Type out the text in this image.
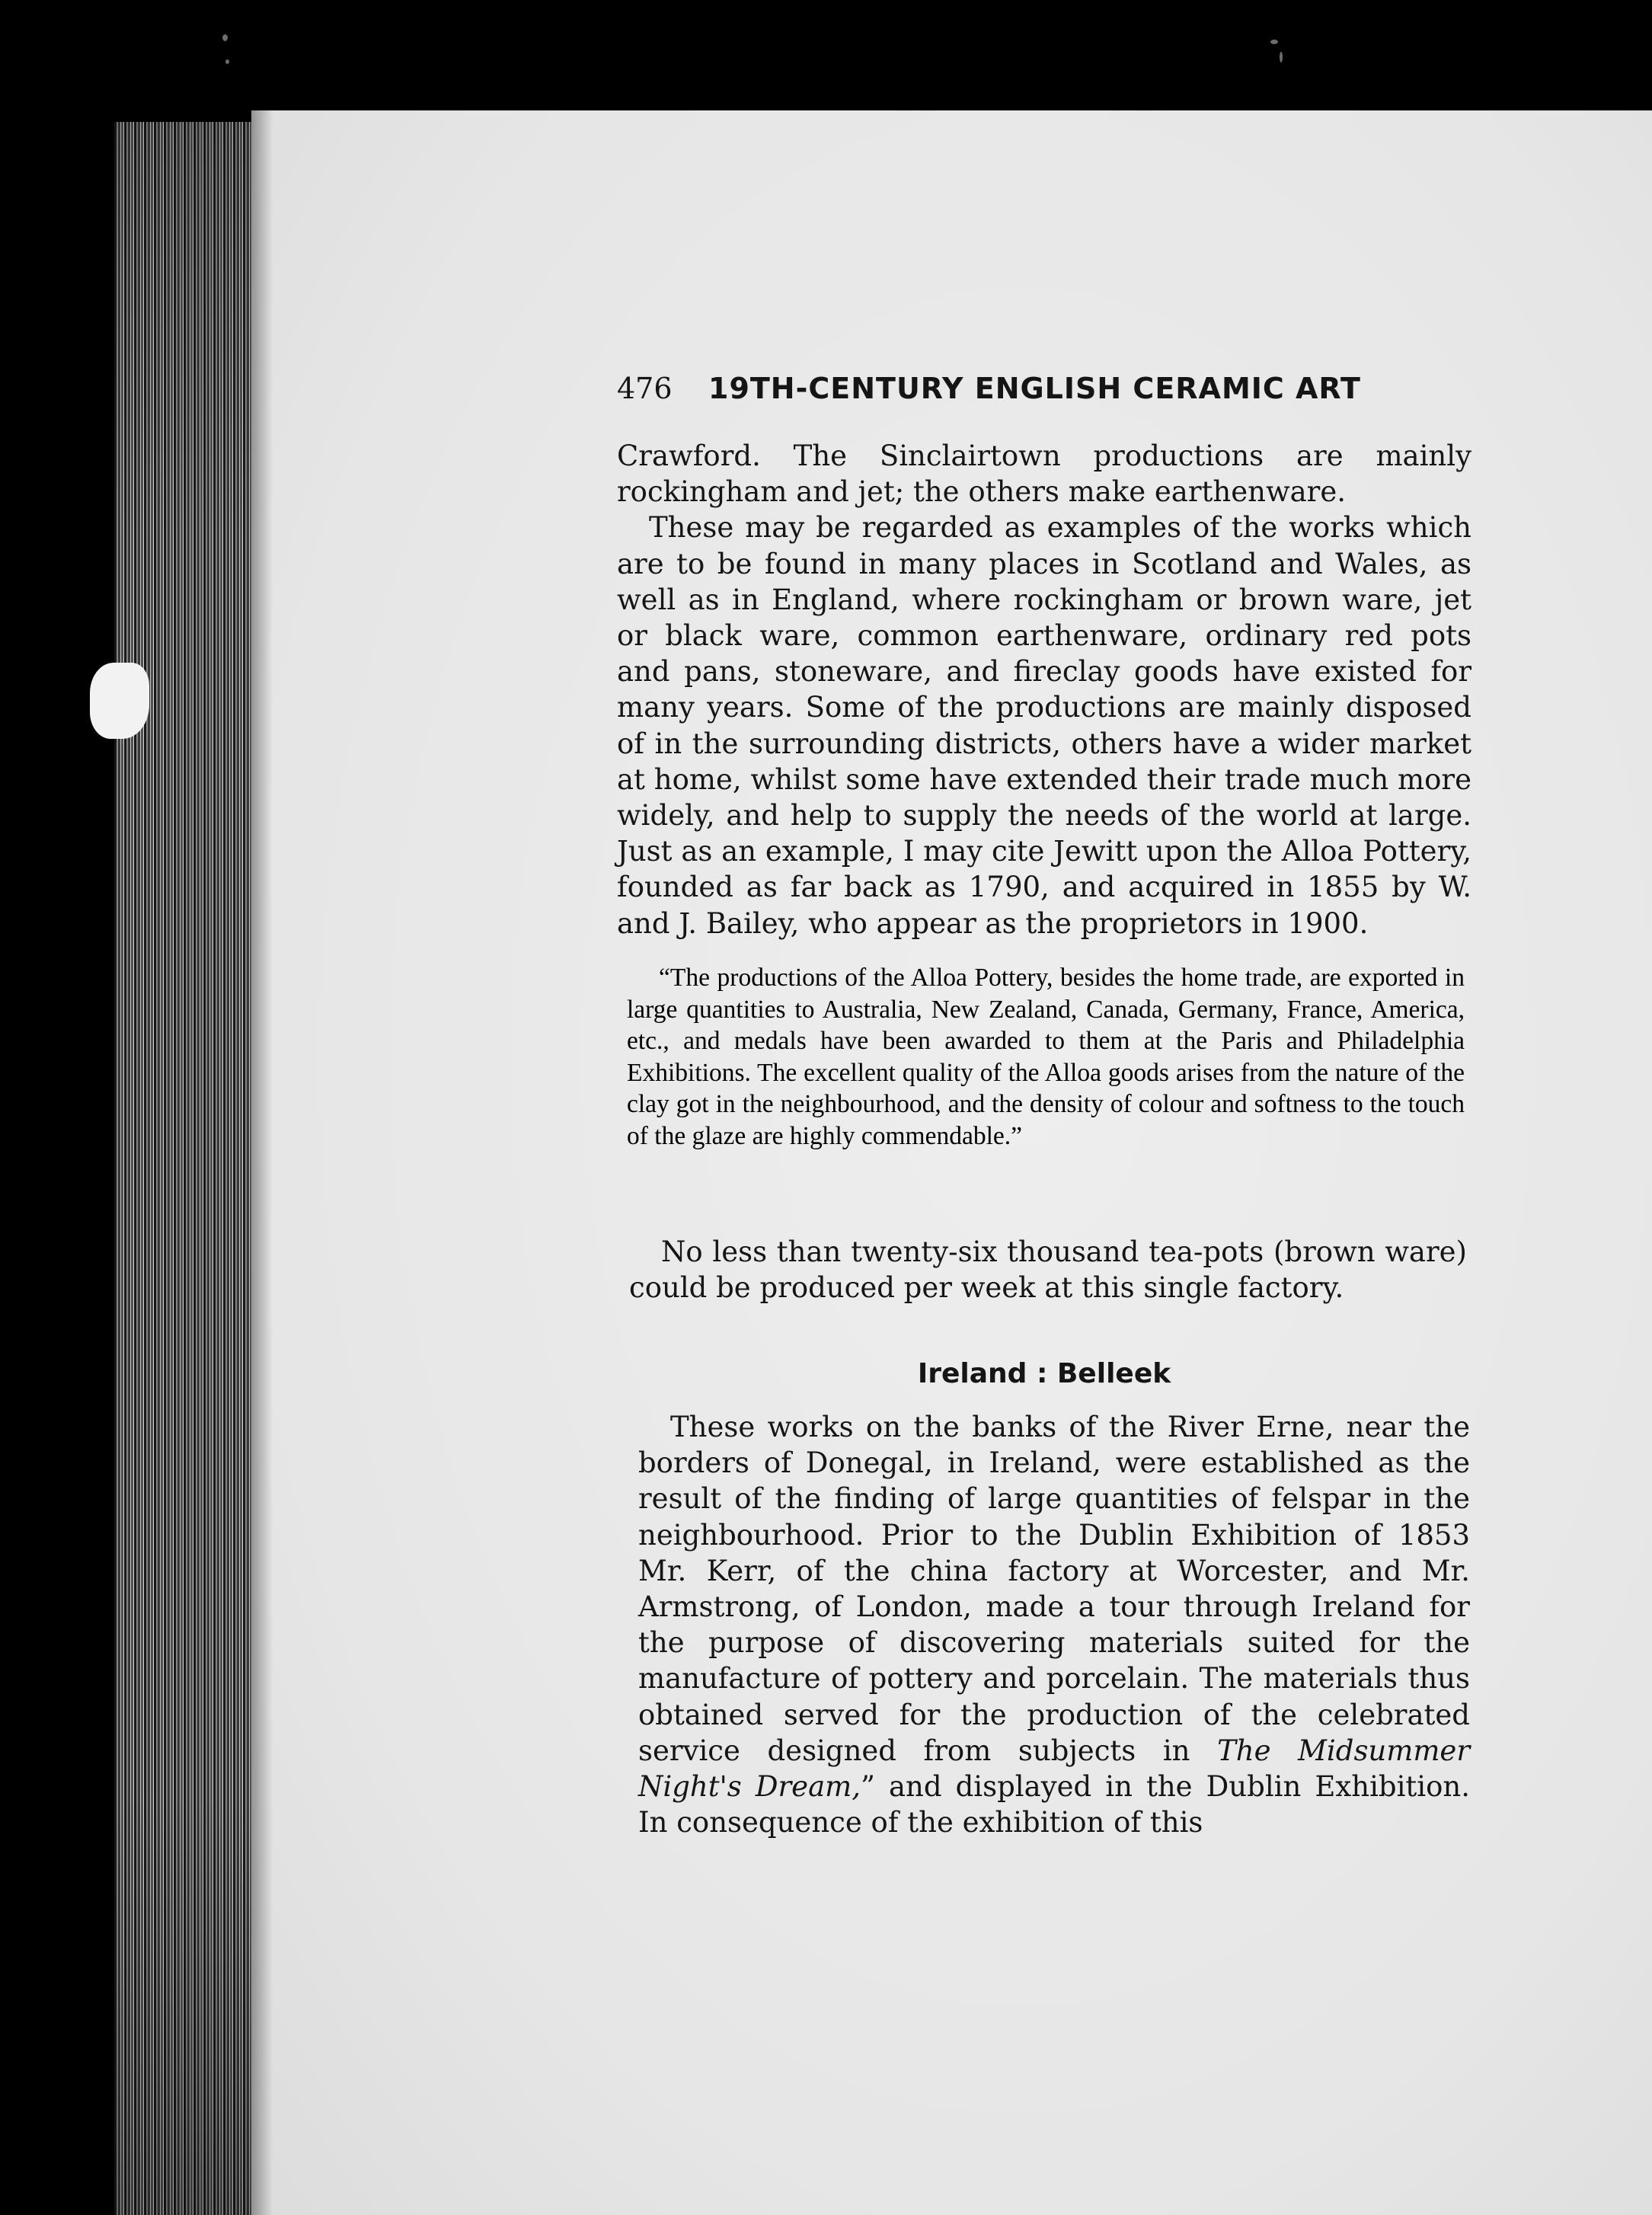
476	19TH-CENTURY ENGLISH CERAMIC ART

Crawford. The Sinclairtown productions are mainly rockingham and jet; the others make earthenware.

These may be regarded as examples of the works which are to be found in many places in Scotland and Wales, as well as in England, where rockingham or brown ware, jet or black ware, common earthenware, ordinary red pots and pans, stoneware, and fireclay goods have existed for many years. Some of the productions are mainly disposed of in the surrounding districts, others have a wider market at home, whilst some have extended their trade much more widely, and help to supply the needs of the world at large. Just as an example, I may cite Jewitt upon the Alloa Pottery, founded as far back as 1790, and acquired in 1855 by W. and J. Bailey, who appear as the proprietors in 1900.

“The productions of the Alloa Pottery, besides the home trade, are exported in large quantities to Australia, New Zealand, Canada, Germany, France, America, etc., and medals have been awarded to them at the Paris and Philadelphia Exhibitions. The excellent quality of the Alloa goods arises from the nature of the clay got in the neighbourhood, and the density of colour and softness to the touch of the glaze are highly commendable.”

No less than twenty-six thousand tea-pots (brown ware) could be produced per week at this single factory.

Ireland : Belleek

These works on the banks of the River Erne, near the borders of Donegal, in Ireland, were established as the result of the finding of large quantities of felspar in the neighbourhood. Prior to the Dublin Exhibition of 1853 Mr. Kerr, of the china factory at Worcester, and Mr. Armstrong, of London, made a tour through Ireland for the purpose of discovering materials suited for the manufacture of pottery and porcelain. The materials thus obtained served for the production of the celebrated service designed from subjects in The Midsummer Night's Dream,” and displayed in the Dublin Exhibition. In consequence of the exhibition of this
